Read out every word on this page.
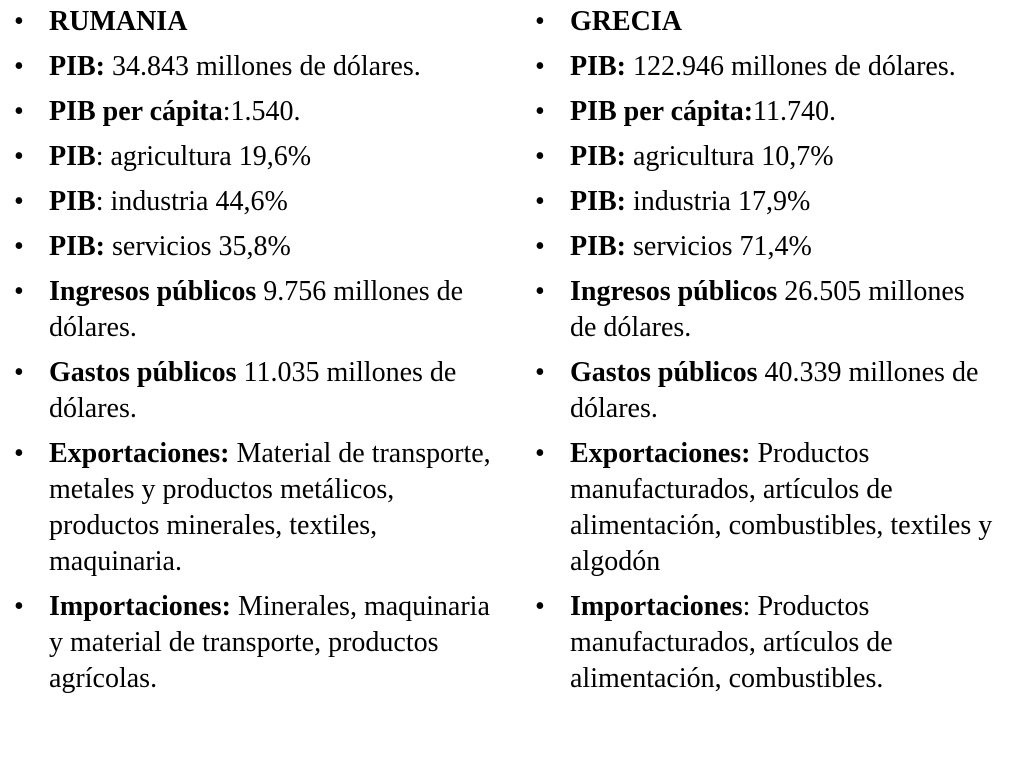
• RUMANIA
• PIB: 34.843 millones de dólares.
• PIB per cápita:1.540.
• PIB: agricultura 19,6%
• PIB: industria 44,6%
• PIB: servicios 35,8%
• Ingresos públicos 9.756 millones de dólares.
• Gastos públicos 11.035 millones de dólares.
• Exportaciones: Material de transporte, metales y productos metálicos, productos minerales, textiles, maquinaria.
• Importaciones: Minerales, maquinaria y material de transporte, productos agrícolas.
• GRECIA
• PIB: 122.946 millones de dólares.
• PIB per cápita:11.740.
• PIB: agricultura 10,7%
• PIB: industria 17,9%
• PIB: servicios 71,4%
• Ingresos públicos 26.505 millones de dólares.
• Gastos públicos 40.339 millones de dólares.
• Exportaciones: Productos manufacturados, artículos de alimentación, combustibles, textiles y algodón
• Importaciones: Productos manufacturados, artículos de alimentación, combustibles.
